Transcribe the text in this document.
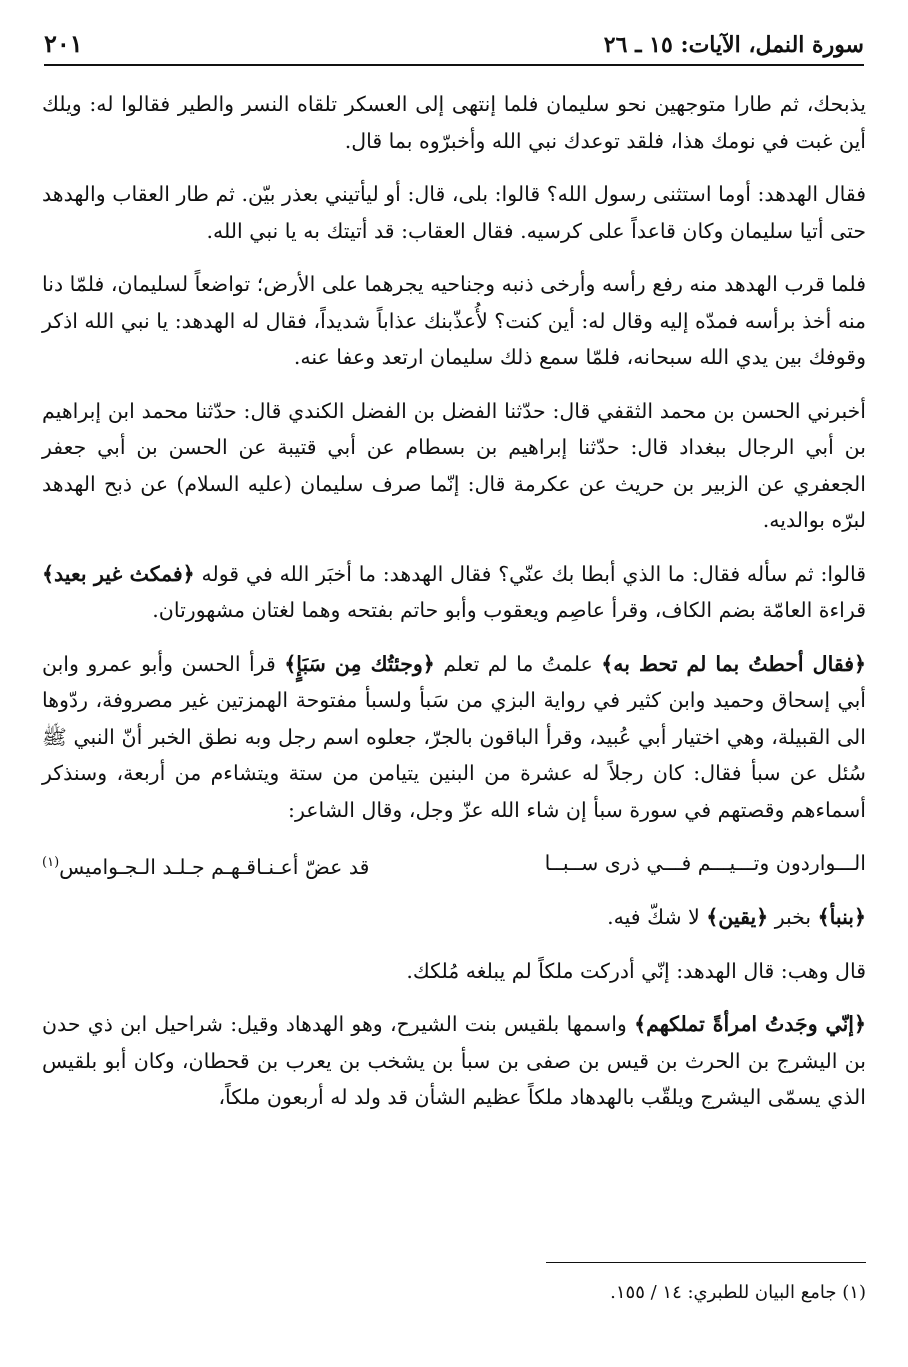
سورة النمل، الآيات: ١٥ ـ ٢٦
٢٠١

يذبحك، ثم طارا متوجهين نحو سليمان فلما إنتهى إلى العسكر تلقاه النسر والطير فقالوا له: ويلك أين غبت في نومك هذا، فلقد توعدك نبي الله وأخبرّوه بما قال.

فقال الهدهد: أوما استثنى رسول الله؟ قالوا: بلى، قال: أو ليأتيني بعذر بيّن. ثم طار العقاب والهدهد حتى أتيا سليمان وكان قاعداً على كرسيه. فقال العقاب: قد أتيتك به يا نبي الله.

فلما قرب الهدهد منه رفع رأسه وأرخى ذنبه وجناحيه يجرهما على الأرض؛ تواضعاً لسليمان، فلمّا دنا منه أخذ برأسه فمدّه إليه وقال له: أين كنت؟ لأُعذّبنك عذاباً شديداً، فقال له الهدهد: يا نبي الله اذكر وقوفك بين يدي الله سبحانه، فلمّا سمع ذلك سليمان ارتعد وعفا عنه.

أخبرني الحسن بن محمد الثقفي قال: حدّثنا الفضل بن الفضل الكندي قال: حدّثنا محمد ابن إبراهيم بن أبي الرجال ببغداد قال: حدّثنا إبراهيم بن بسطام عن أبي قتيبة عن الحسن بن أبي جعفر الجعفري عن الزبير بن حريث عن عكرمة قال: إنّما صرف سليمان (عليه السلام) عن ذبح الهدهد لبرّه بوالديه.

قالوا: ثم سأله فقال: ما الذي أبطا بك عنّي؟ فقال الهدهد: ما أخبَر الله في قوله ﴿فمكث غير بعيد﴾ قراءة العامّة بضم الكاف، وقرأ عاصِم ويعقوب وأبو حاتم بفتحه وهما لغتان مشهورتان.

﴿فقال أحطتُ بما لم تحط به﴾ علمتُ ما لم تعلم ﴿وجئتُك مِن سَبَإٍ﴾ قرأ الحسن وأبو عمرو وابن أبي إسحاق وحميد وابن كثير في رواية البزي من سَبأ ولسبأ مفتوحة الهمزتين غير مصروفة، ردّوها الى القبيلة، وهي اختيار أبي عُبيد، وقرأ الباقون بالجرّ، جعلوه اسم رجل وبه نطق الخبر أنّ النبي ﷺ سُئل عن سبأ فقال: كان رجلاً له عشرة من البنين يتيامن من ستة ويتشاءم من أربعة، وسنذكر أسماءهم وقصتهم في سورة سبأ إن شاء الله عزّ وجل، وقال الشاعر:

الـــواردون وتـــيـــم فـــي ذرى ســبــا
قد عضّ أعـنـاقـهـم جـلـد الـجـواميس$^{(١)}$

﴿بنبأ﴾ بخبر ﴿يقين﴾ لا شكّ فيه.

قال وهب: قال الهدهد: إنّي أدركت ملكاً لم يبلغه مُلكك.

﴿إنّي وجَدتُ امرأةً تملكهم﴾ واسمها بلقيس بنت الشيرح، وهو الهدهاد وقيل: شراحيل ابن ذي حدن بن اليشرج بن الحرث بن قيس بن صفى بن سبأ بن يشخب بن يعرب بن قحطان، وكان أبو بلقيس الذي يسمّى اليشرج ويلقّب بالهدهاد ملكاً عظيم الشأن قد ولد له أربعون ملكاً،

(١) جامع البيان للطبري: ١٤ / ١٥٥.
